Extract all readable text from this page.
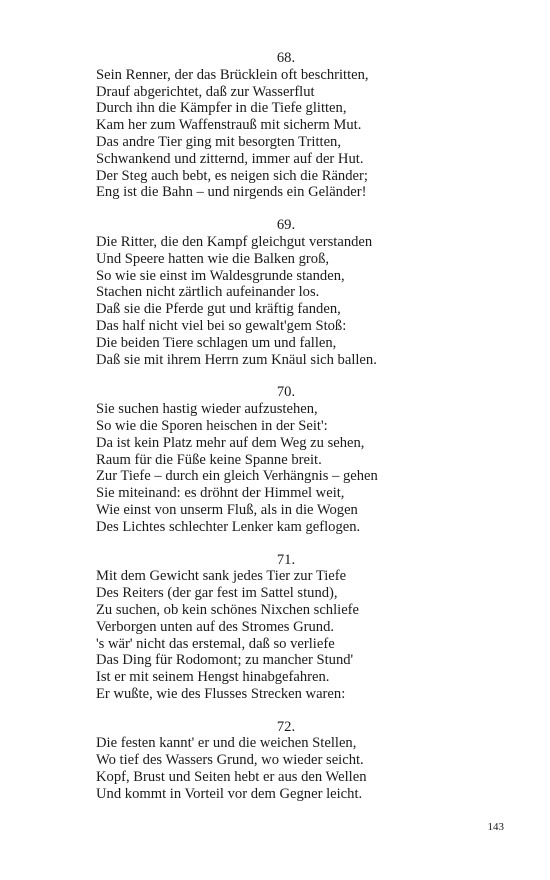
68.
Sein Renner, der das Brücklein oft beschritten,
Drauf abgerichtet, daß zur Wasserflut
Durch ihn die Kämpfer in die Tiefe glitten,
Kam her zum Waffenstrauß mit sicherm Mut.
Das andre Tier ging mit besorgten Tritten,
Schwankend und zitternd, immer auf der Hut.
Der Steg auch bebt, es neigen sich die Ränder;
Eng ist die Bahn – und nirgends ein Geländer!
69.
Die Ritter, die den Kampf gleichgut verstanden
Und Speere hatten wie die Balken groß,
So wie sie einst im Waldesgrunde standen,
Stachen nicht zärtlich aufeinander los.
Daß sie die Pferde gut und kräftig fanden,
Das half nicht viel bei so gewalt'gem Stoß:
Die beiden Tiere schlagen um und fallen,
Daß sie mit ihrem Herrn zum Knäul sich ballen.
70.
Sie suchen hastig wieder aufzustehen,
So wie die Sporen heischen in der Seit':
Da ist kein Platz mehr auf dem Weg zu sehen,
Raum für die Füße keine Spanne breit.
Zur Tiefe – durch ein gleich Verhängnis – gehen
Sie miteinand: es dröhnt der Himmel weit,
Wie einst von unserm Fluß, als in die Wogen
Des Lichtes schlechter Lenker kam geflogen.
71.
Mit dem Gewicht sank jedes Tier zur Tiefe
Des Reiters (der gar fest im Sattel stund),
Zu suchen, ob kein schönes Nixchen schliefe
Verborgen unten auf des Stromes Grund.
's wär' nicht das erstemal, daß so verliefe
Das Ding für Rodomont; zu mancher Stund'
Ist er mit seinem Hengst hinabgefahren.
Er wußte, wie des Flusses Strecken waren:
72.
Die festen kannt' er und die weichen Stellen,
Wo tief des Wassers Grund, wo wieder seicht.
Kopf, Brust und Seiten hebt er aus den Wellen
Und kommt in Vorteil vor dem Gegner leicht.
143
